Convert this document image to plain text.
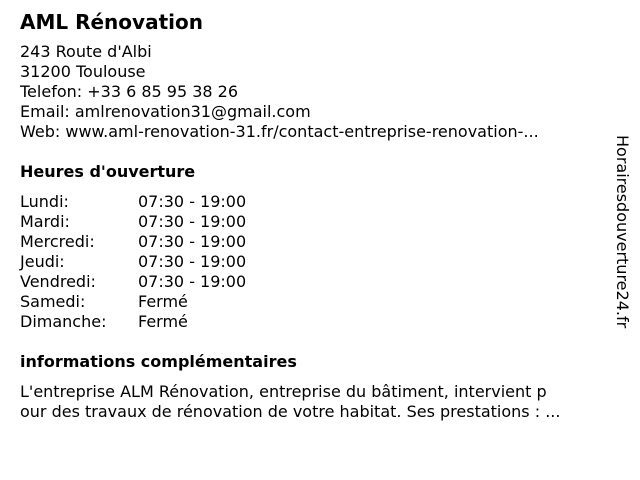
AML Rénovation
243 Route d'Albi
31200 Toulouse
Telefon: +33 6 85 95 38 26
Email: amlrenovation31@gmail.com
Web: www.aml-renovation-31.fr/contact-entreprise-renovation-...
Heures d'ouverture
Lundi:	07:30 - 19:00
Mardi:	07:30 - 19:00
Mercredi:	07:30 - 19:00
Jeudi:	07:30 - 19:00
Vendredi:	07:30 - 19:00
Samedi:	Fermé
Dimanche:	Fermé
informations complémentaires
L'entreprise ALM Rénovation, entreprise du bâtiment, intervient p
our des travaux de rénovation de votre habitat. Ses prestations : ...
Horairesdouverture24.fr
